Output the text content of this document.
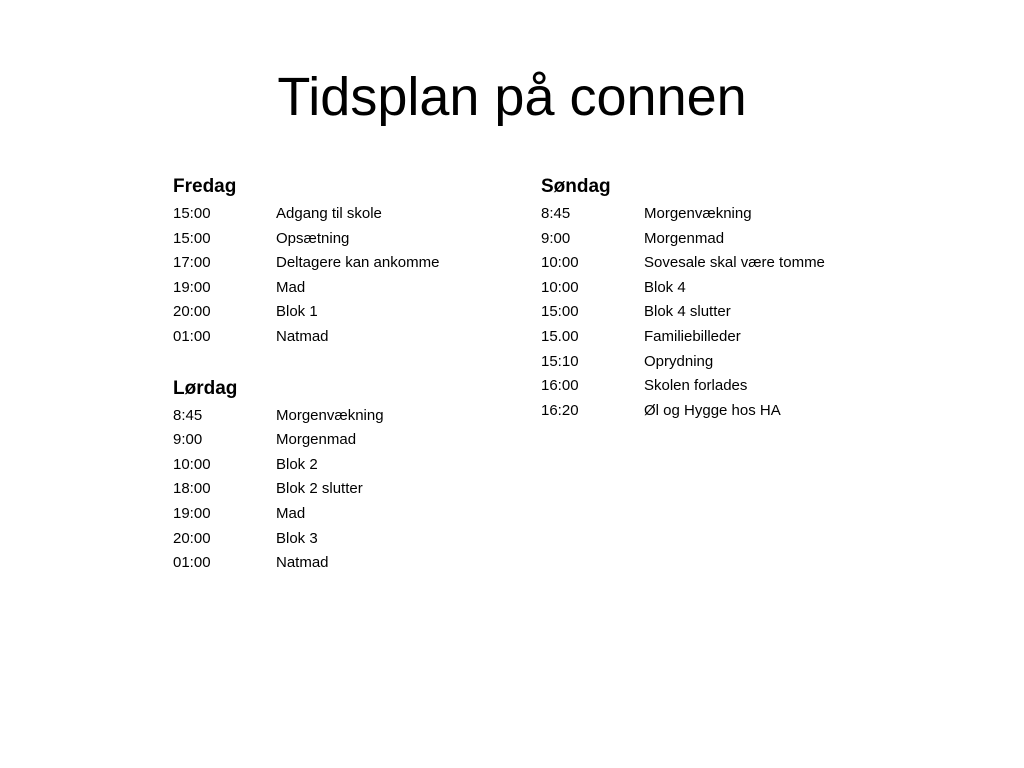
Tidsplan på connen
Fredag
15:00	Adgang til skole
15:00	Opsætning
17:00	Deltagere kan ankomme
19:00	Mad
20:00	Blok 1
01:00	Natmad
Lørdag
8:45	Morgenvækning
9:00	Morgenmad
10:00	Blok 2
18:00	Blok 2 slutter
19:00	Mad
20:00	Blok 3
01:00	Natmad
Søndag
8:45	Morgenvækning
9:00	Morgenmad
10:00	Sovesale skal være tomme
10:00	Blok 4
15:00	Blok 4 slutter
15.00	Familiebilleder
15:10	Oprydning
16:00	Skolen forlades
16:20	Øl og Hygge hos HA
